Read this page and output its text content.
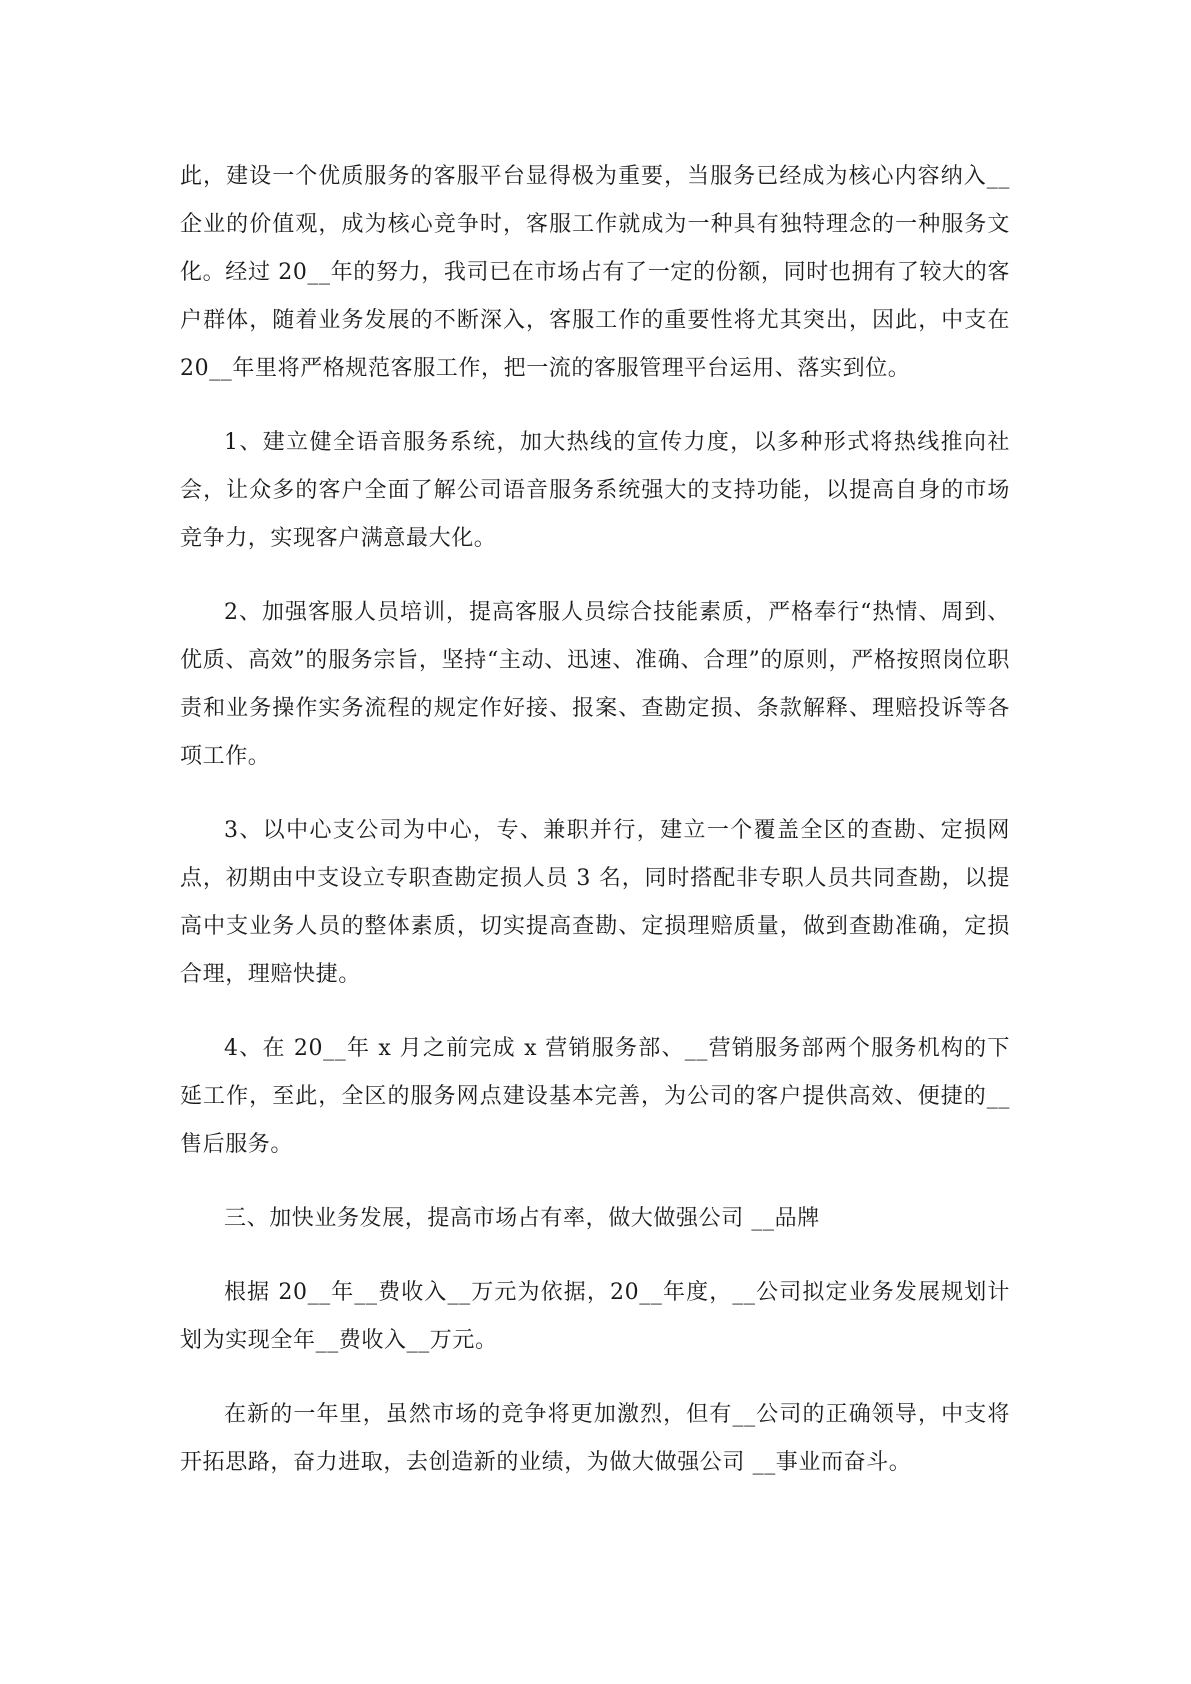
此，建设一个优质服务的客服平台显得极为重要，当服务已经成为核心内容纳入__企业的价值观，成为核心竞争时，客服工作就成为一种具有独特理念的一种服务文化。经过 20__年的努力，我司已在市场占有了一定的份额，同时也拥有了较大的客户群体，随着业务发展的不断深入，客服工作的重要性将尤其突出，因此，中支在 20__年里将严格规范客服工作，把一流的客服管理平台运用、落实到位。

1、建立健全语音服务系统，加大热线的宣传力度，以多种形式将热线推向社会，让众多的客户全面了解公司语音服务系统强大的支持功能，以提高自身的市场竞争力，实现客户满意最大化。

2、加强客服人员培训，提高客服人员综合技能素质，严格奉行“热情、周到、优质、高效”的服务宗旨，坚持“主动、迅速、准确、合理”的原则，严格按照岗位职责和业务操作实务流程的规定作好接、报案、查勘定损、条款解释、理赔投诉等各项工作。

3、以中心支公司为中心，专、兼职并行，建立一个覆盖全区的查勘、定损网点，初期由中支设立专职查勘定损人员 3 名，同时搭配非专职人员共同查勘，以提高中支业务人员的整体素质，切实提高查勘、定损理赔质量，做到查勘准确，定损合理，理赔快捷。

4、在 20__年 x 月之前完成 x 营销服务部、__营销服务部两个服务机构的下延工作，至此，全区的服务网点建设基本完善，为公司的客户提供高效、便捷的__售后服务。

三、加快业务发展，提高市场占有率，做大做强公司 __品牌

根据 20__年__费收入__万元为依据，20__年度，__公司拟定业务发展规划计划为实现全年__费收入__万元。

在新的一年里，虽然市场的竞争将更加激烈，但有__公司的正确领导，中支将开拓思路，奋力进取，去创造新的业绩，为做大做强公司 __事业而奋斗。
